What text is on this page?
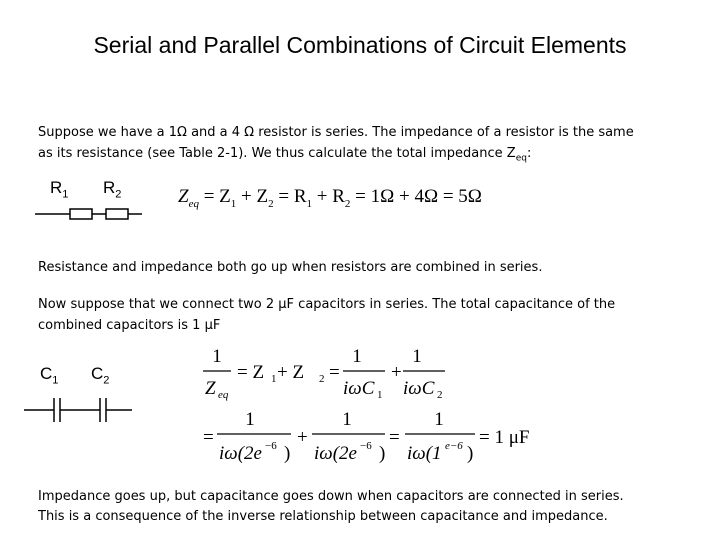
Serial and Parallel Combinations of Circuit Elements
Suppose we have a 1Ω and a 4 Ω resistor is series. The impedance of a resistor is the same
as its resistance (see Table 2-1). We thus calculate the total impedance $Z_{eq}$:
$R_1$ $R_2$	$Z_{eq} = Z_1 + Z_2 = R_1 + R_2 = 1\Omega + 4\Omega = 5\Omega$
Resistance and impedance both go up when resistors are combined in series.
Now suppose that we connect two 2 μF capacitors in series. The total capacitance of the
combined capacitors is 1 μF
$C_1$ $C_2$
1
Z eq
= Z 1 + Z 2 =
1
iωC 1
+
1
iωC 2
=
1
iω(2e −6 )
+
1
iω(2e −6 )
=
1
iω(1 e−6 )
= 1 μF
Impedance goes up, but capacitance goes down when capacitors are connected in series.
This is a consequence of the inverse relationship between capacitance and impedance.
